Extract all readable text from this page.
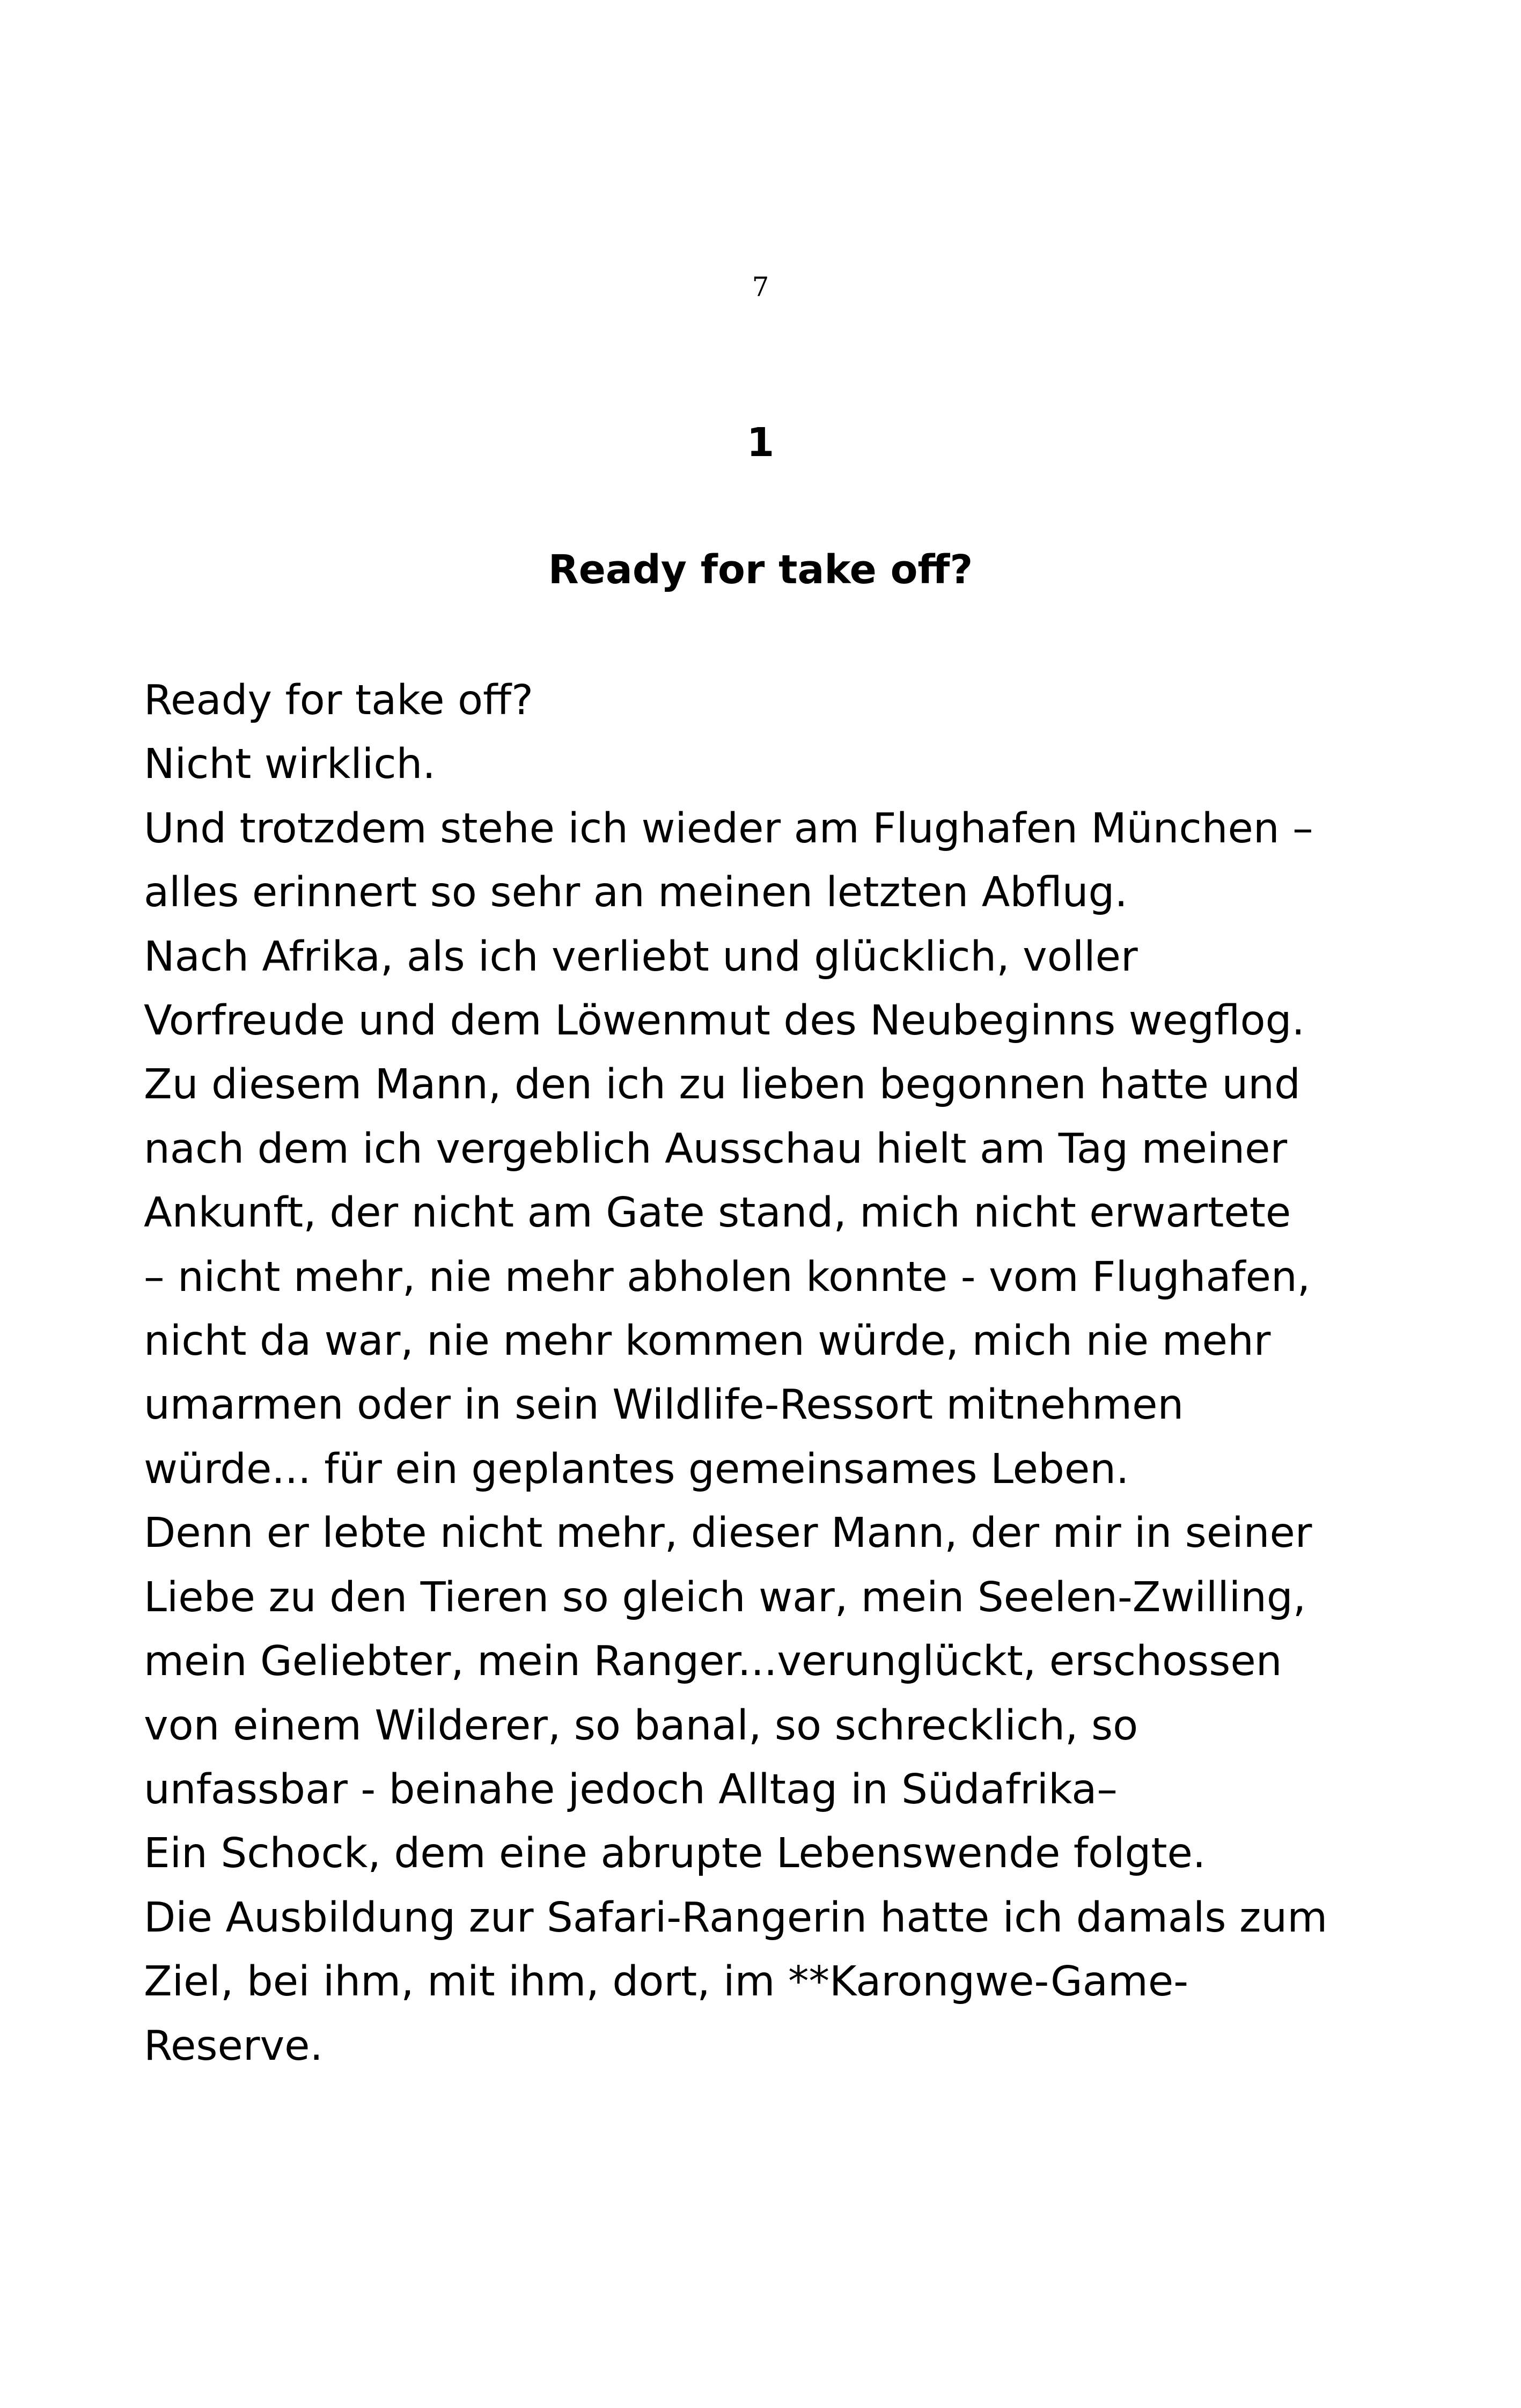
7
1
Ready for take off?
Ready for take off?
Nicht wirklich.
Und trotzdem stehe ich wieder am Flughafen München –
alles erinnert so sehr an meinen letzten Abflug.
Nach Afrika, als ich verliebt und glücklich, voller
Vorfreude und dem Löwenmut des Neubeginns wegflog.
Zu diesem Mann, den ich zu lieben begonnen hatte und
nach dem ich vergeblich Ausschau hielt am Tag meiner
Ankunft, der nicht am Gate stand, mich nicht erwartete
– nicht mehr, nie mehr abholen konnte - vom Flughafen,
nicht da war, nie mehr kommen würde, mich nie mehr
umarmen oder in sein Wildlife-Ressort mitnehmen
würde... für ein geplantes gemeinsames Leben.
Denn er lebte nicht mehr, dieser Mann, der mir in seiner
Liebe zu den Tieren so gleich war, mein Seelen-Zwilling,
mein Geliebter, mein Ranger...verunglückt, erschossen
von einem Wilderer, so banal, so schrecklich, so
unfassbar - beinahe jedoch Alltag in Südafrika–
Ein Schock, dem eine abrupte Lebenswende folgte.
Die Ausbildung zur Safari-Rangerin hatte ich damals zum
Ziel, bei ihm, mit ihm, dort, im **Karongwe-Game-
Reserve.
